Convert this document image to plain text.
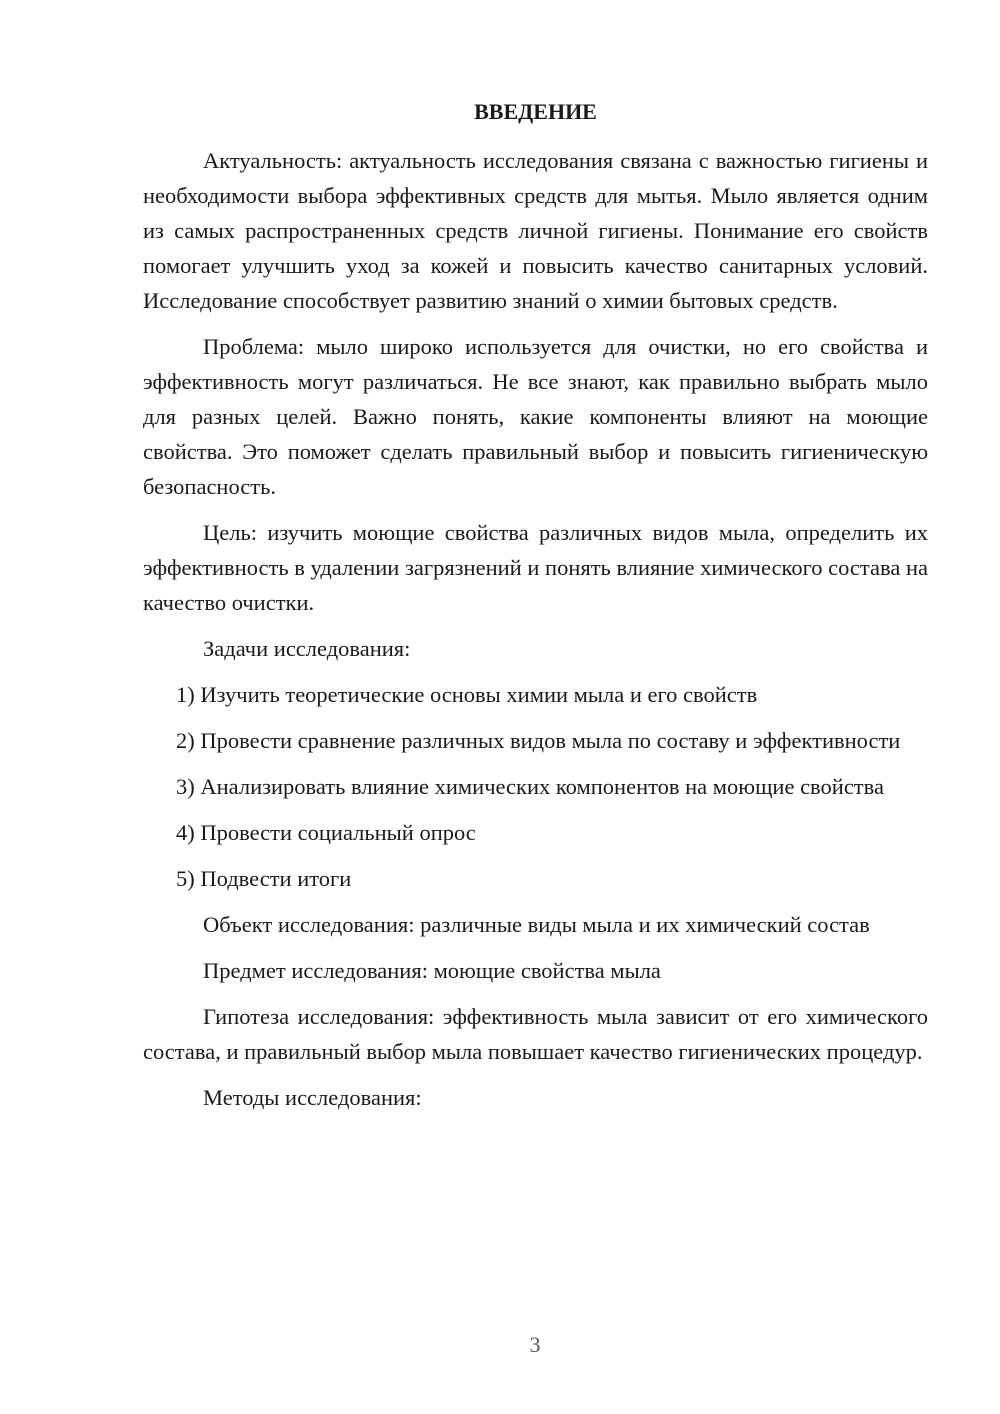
ВВЕДЕНИЕ

Актуальность: актуальность исследования связана с важностью гигиены и необходимости выбора эффективных средств для мытья. Мыло является одним из самых распространенных средств личной гигиены. Понимание его свойств помогает улучшить уход за кожей и повысить качество санитарных условий. Исследование способствует развитию знаний о химии бытовых средств.

Проблема: мыло широко используется для очистки, но его свойства и эффективность могут различаться. Не все знают, как правильно выбрать мыло для разных целей. Важно понять, какие компоненты влияют на моющие свойства. Это поможет сделать правильный выбор и повысить гигиеническую безопасность.

Цель: изучить моющие свойства различных видов мыла, определить их эффективность в удалении загрязнений и понять влияние химического состава на качество очистки.

Задачи исследования:

1) Изучить теоретические основы химии мыла и его свойств

2) Провести сравнение различных видов мыла по составу и эффективности

3) Анализировать влияние химических компонентов на моющие свойства

4) Провести социальный опрос

5) Подвести итоги

Объект исследования: различные виды мыла и их химический состав

Предмет исследования: моющие свойства мыла

Гипотеза исследования: эффективность мыла зависит от его химического состава, и правильный выбор мыла повышает качество гигиенических процедур.

Методы исследования:

3
